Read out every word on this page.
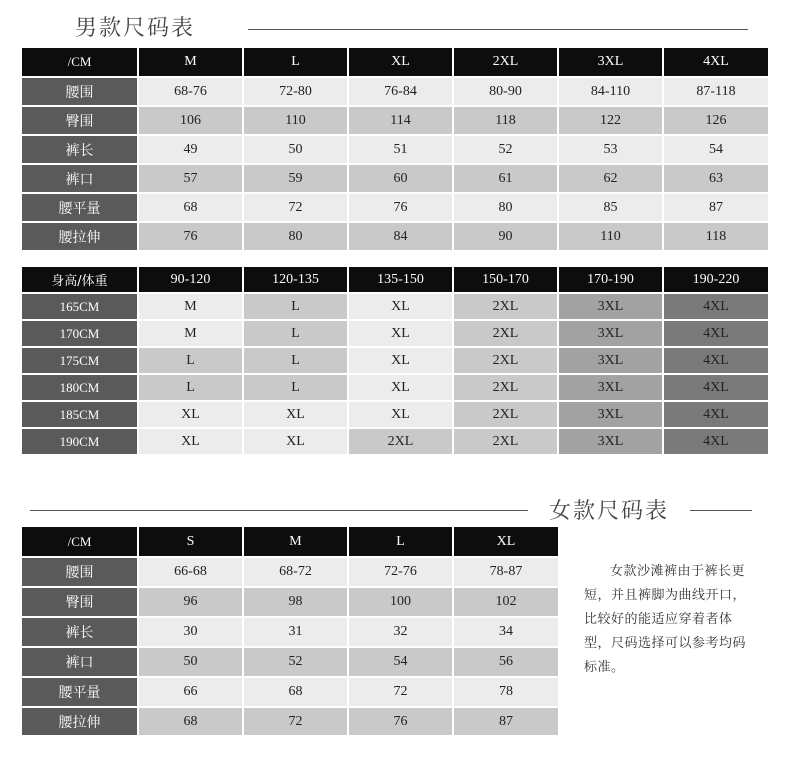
男款尺码表
/CM	M	L	XL	2XL	3XL	4XL
腰围	68-76	72-80	76-84	80-90	84-110	87-118
臀围	106	110	114	118	122	126
裤长	49	50	51	52	53	54
裤口	57	59	60	61	62	63
腰平量	68	72	76	80	85	87
腰拉伸	76	80	84	90	110	118
身高/体重	90-120	120-135	135-150	150-170	170-190	190-220
165CM	M	L	XL	2XL	3XL	4XL
170CM	M	L	XL	2XL	3XL	4XL
175CM	L	L	XL	2XL	3XL	4XL
180CM	L	L	XL	2XL	3XL	4XL
185CM	XL	XL	XL	2XL	3XL	4XL
190CM	XL	XL	2XL	2XL	3XL	4XL
女款尺码表
/CM	S	M	L	XL
腰围	66-68	68-72	72-76	78-87
臀围	96	98	100	102
裤长	30	31	32	34
裤口	50	52	54	56
腰平量	66	68	72	78
腰拉伸	68	72	76	87
女款沙滩裤由于裤长更短，并且裤脚为曲线开口，比较好的能适应穿着者体型，尺码选择可以参考均码标准。
